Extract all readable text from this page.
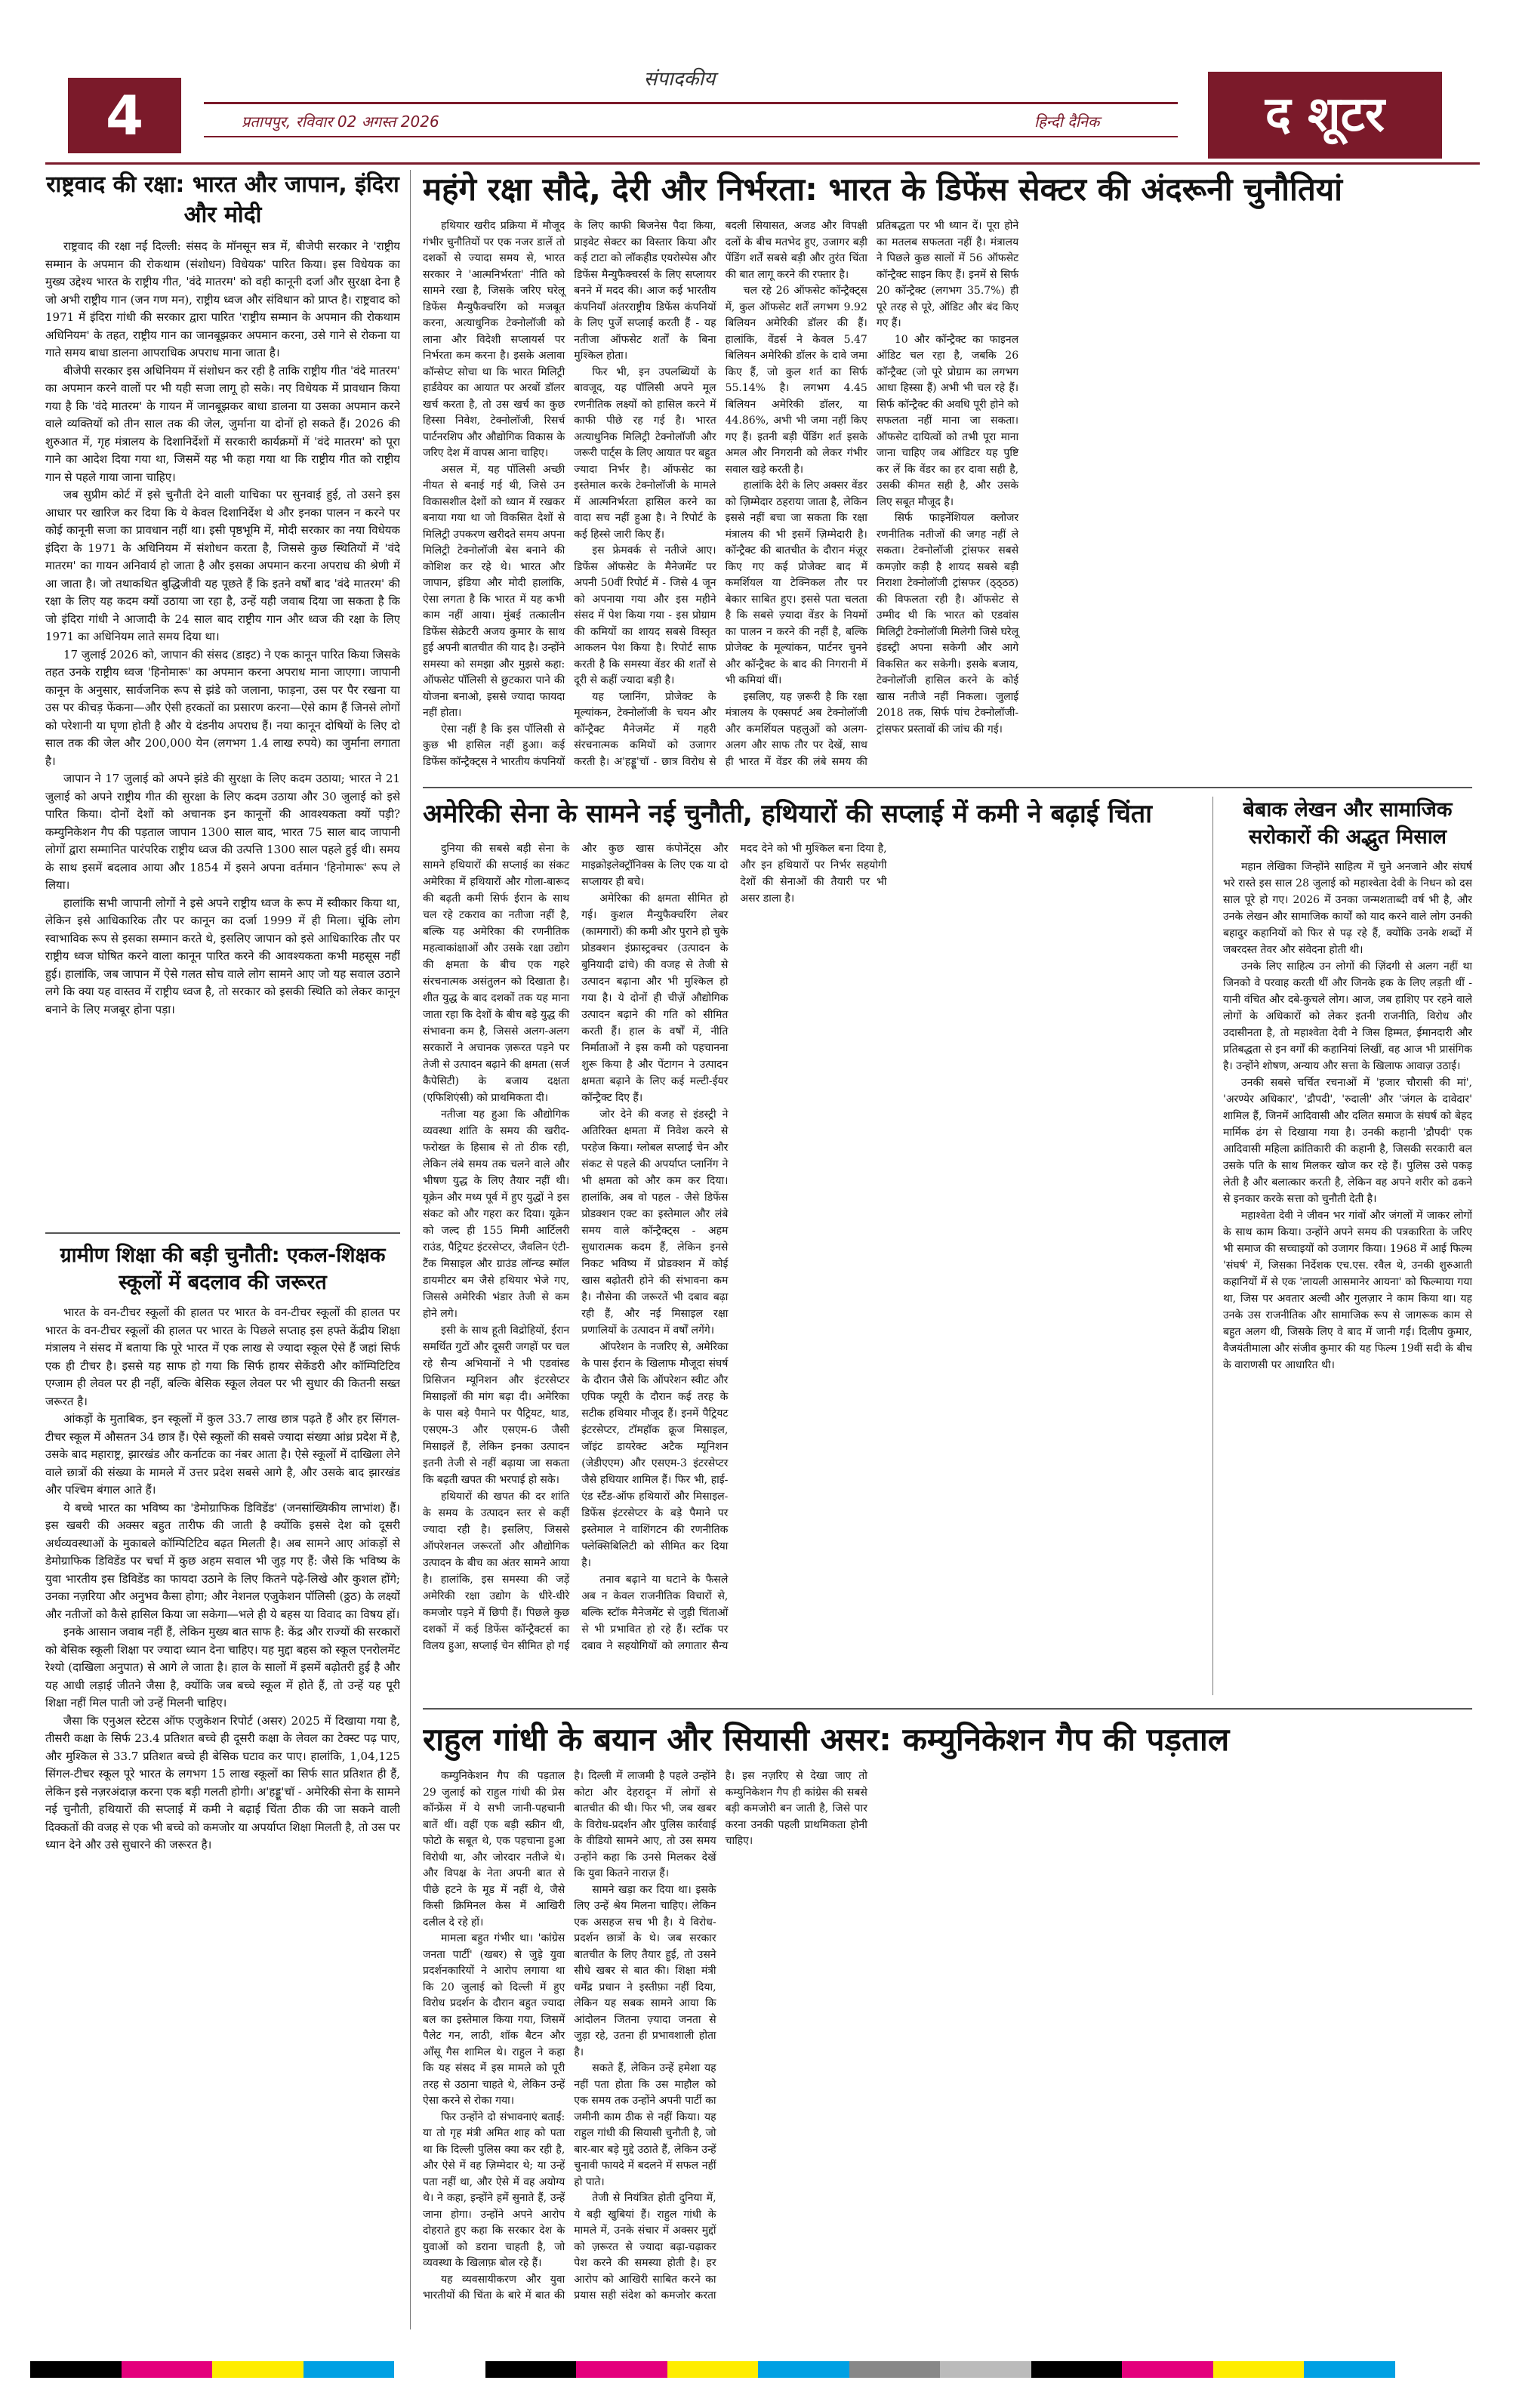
4
संपादकीय
प्रतापपुर, रविवार 02 अगस्त 2026	हिन्दी दैनिक	द शूटर
राष्ट्रवाद की रक्षा: भारत और जापान, इंदिरा और मोदी

राष्ट्रवाद की रक्षा नई दिल्ली: संसद के मॉनसून सत्र में, बीजेपी सरकार ने 'राष्ट्रीय सम्मान के अपमान की रोकथाम (संशोधन) विधेयक' पारित किया। इस विधेयक का मुख्य उद्देश्य भारत के राष्ट्रीय गीत, 'वंदे मातरम' को वही कानूनी दर्जा और सुरक्षा देना है जो अभी राष्ट्रीय गान (जन गण मन), राष्ट्रीय ध्वज और संविधान को प्राप्त है। राष्ट्रवाद को 1971 में इंदिरा गांधी की सरकार द्वारा पारित 'राष्ट्रीय सम्मान के अपमान की रोकथाम अधिनियम' के तहत, राष्ट्रीय गान का जानबूझकर अपमान करना, उसे गाने से रोकना या गाते समय बाधा डालना आपराधिक अपराध माना जाता है।

बीजेपी सरकार इस अधिनियम में संशोधन कर रही है ताकि राष्ट्रीय गीत 'वंदे मातरम' का अपमान करने वालों पर भी यही सजा लागू हो सके। नए विधेयक में प्रावधान किया गया है कि 'वंदे मातरम' के गायन में जानबूझकर बाधा डालना या उसका अपमान करने वाले व्यक्तियों को तीन साल तक की जेल, जुर्माना या दोनों हो सकते हैं। 2026 की शुरुआत में, गृह मंत्रालय के दिशानिर्देशों में सरकारी कार्यक्रमों में 'वंदे मातरम' को पूरा गाने का आदेश दिया गया था, जिसमें यह भी कहा गया था कि राष्ट्रीय गीत को राष्ट्रीय गान से पहले गाया जाना चाहिए।

जब सुप्रीम कोर्ट में इसे चुनौती देने वाली याचिका पर सुनवाई हुई, तो उसने इस आधार पर खारिज कर दिया कि ये केवल दिशानिर्देश थे और इनका पालन न करने पर कोई कानूनी सजा का प्रावधान नहीं था। इसी पृष्ठभूमि में, मोदी सरकार का नया विधेयक इंदिरा के 1971 के अधिनियम में संशोधन करता है, जिससे कुछ स्थितियों में 'वंदे मातरम' का गायन अनिवार्य हो जाता है और इसका अपमान करना अपराध की श्रेणी में आ जाता है। जो तथाकथित बुद्धिजीवी यह पूछते हैं कि इतने वर्षों बाद 'वंदे मातरम' की रक्षा के लिए यह कदम क्यों उठाया जा रहा है, उन्हें यही जवाब दिया जा सकता है कि जो इंदिरा गांधी ने आजादी के 24 साल बाद राष्ट्रीय गान और ध्वज की रक्षा के लिए 1971 का अधिनियम लाते समय दिया था।

17 जुलाई 2026 को, जापान की संसद (डाइट) ने एक कानून पारित किया जिसके तहत उनके राष्ट्रीय ध्वज 'हिनोमारू' का अपमान करना अपराध माना जाएगा। जापानी कानून के अनुसार, सार्वजनिक रूप से झंडे को जलाना, फाड़ना, उस पर पैर रखना या उस पर कीचड़ फेंकना—और ऐसी हरकतों का प्रसारण करना—ऐसे काम हैं जिनसे लोगों को परेशानी या घृणा होती है और ये दंडनीय अपराध हैं। नया कानून दोषियों के लिए दो साल तक की जेल और 200,000 येन (लगभग 1.4 लाख रुपये) का जुर्माना लगाता है।

जापान ने 17 जुलाई को अपने झंडे की सुरक्षा के लिए कदम उठाया; भारत ने 21 जुलाई को अपने राष्ट्रीय गीत की सुरक्षा के लिए कदम उठाया और 30 जुलाई को इसे पारित किया। दोनों देशों को अचानक इन कानूनों की आवश्यकता क्यों पड़ी? कम्युनिकेशन गैप की पड़ताल जापान 1300 साल बाद, भारत 75 साल बाद जापानी लोगों द्वारा सम्मानित पारंपरिक राष्ट्रीय ध्वज की उत्पत्ति 1300 साल पहले हुई थी। समय के साथ इसमें बदलाव आया और 1854 में इसने अपना वर्तमान 'हिनोमारू' रूप ले लिया।

हालांकि सभी जापानी लोगों ने इसे अपने राष्ट्रीय ध्वज के रूप में स्वीकार किया था, लेकिन इसे आधिकारिक तौर पर कानून का दर्जा 1999 में ही मिला। चूंकि लोग स्वाभाविक रूप से इसका सम्मान करते थे, इसलिए जापान को इसे आधिकारिक तौर पर राष्ट्रीय ध्वज घोषित करने वाला कानून पारित करने की आवश्यकता कभी महसूस नहीं हुई। हालांकि, जब जापान में ऐसे गलत सोच वाले लोग सामने आए जो यह सवाल उठाने लगे कि क्या यह वास्तव में राष्ट्रीय ध्वज है, तो सरकार को इसकी स्थिति को लेकर कानून बनाने के लिए मजबूर होना पड़ा।

ग्रामीण शिक्षा की बड़ी चुनौती: एकल-शिक्षक स्कूलों में बदलाव की जरूरत

भारत के वन-टीचर स्कूलों की हालत पर भारत के वन-टीचर स्कूलों की हालत पर भारत के वन-टीचर स्कूलों की हालत पर भारत के पिछले सप्ताह इस हफ्ते केंद्रीय शिक्षा मंत्रालय ने संसद में बताया कि पूरे भारत में एक लाख से ज्यादा स्कूल ऐसे हैं जहां सिर्फ एक ही टीचर है। इससे यह साफ हो गया कि सिर्फ हायर सेकेंडरी और कॉम्पिटिटिव एग्जाम ही लेवल पर ही नहीं, बल्कि बेसिक स्कूल लेवल पर भी सुधार की कितनी सख्त जरूरत है।

आंकड़ों के मुताबिक, इन स्कूलों में कुल 33.7 लाख छात्र पढ़ते हैं और हर सिंगल-टीचर स्कूल में औसतन 34 छात्र हैं। ऐसे स्कूलों की सबसे ज्यादा संख्या आंध्र प्रदेश में है, उसके बाद महाराष्ट्र, झारखंड और कर्नाटक का नंबर आता है। ऐसे स्कूलों में दाखिला लेने वाले छात्रों की संख्या के मामले में उत्तर प्रदेश सबसे आगे है, और उसके बाद झारखंड और पश्चिम बंगाल आते हैं।

ये बच्चे भारत का भविष्य का 'डेमोग्राफिक डिविडेंड' (जनसांख्यिकीय लाभांश) हैं। इस खबरी की अक्सर बहुत तारीफ की जाती है क्योंकि इससे देश को दूसरी अर्थव्यवस्थाओं के मुकाबले कॉम्पिटिटिव बढ़त मिलती है। अब सामने आए आंकड़ों से डेमोग्राफिक डिविडेंड पर चर्चा में कुछ अहम सवाल भी जुड़ गए हैं: जैसे कि भविष्य के युवा भारतीय इस डिविडेंड का फायदा उठाने के लिए कितने पढ़े-लिखे और कुशल होंगे; उनका नज़रिया और अनुभव कैसा होगा; और नेशनल एजुकेशन पॉलिसी (ठ्ठठ) के लक्ष्यों और नतीजों को कैसे हासिल किया जा सकेगा—भले ही ये बहस या विवाद का विषय हों।

इनके आसान जवाब नहीं हैं, लेकिन मुख्य बात साफ है: केंद्र और राज्यों की सरकारों को बेसिक स्कूली शिक्षा पर ज्यादा ध्यान देना चाहिए। यह मुद्दा बहस को स्कूल एनरोलमेंट रेश्यो (दाखिला अनुपात) से आगे ले जाता है। हाल के सालों में इसमें बढ़ोतरी हुई है और यह आधी लड़ाई जीतने जैसा है, क्योंकि जब बच्चे स्कूल में होते हैं, तो उन्हें यह पूरी शिक्षा नहीं मिल पाती जो उन्हें मिलनी चाहिए।

जैसा कि एनुअल स्टेटस ऑफ एजुकेशन रिपोर्ट (असर) 2025 में दिखाया गया है, तीसरी कक्षा के सिर्फ 23.4 प्रतिशत बच्चे ही दूसरी कक्षा के लेवल का टेक्स्ट पढ़ पाए, और मुश्किल से 33.7 प्रतिशत बच्चे ही बेसिक घटाव कर पाए। हालांकि, 1,04,125 सिंगल-टीचर स्कूल पूरे भारत के लगभग 15 लाख स्कूलों का सिर्फ सात प्रतिशत ही हैं, लेकिन इसे नज़रअंदाज़ करना एक बड़ी गलती होगी। अ'हड्डू'चॉ - अमेरिकी सेना के सामने नई चुनौती, हथियारों की सप्लाई में कमी ने बढ़ाई चिंता ठीक की जा सकने वाली दिक्कतों की वजह से एक भी बच्चे को कमजोर या अपर्याप्त शिक्षा मिलती है, तो उस पर ध्यान देने और उसे सुधारने की जरूरत है।

महंगे रक्षा सौदे, देरी और निर्भरता: भारत के डिफेंस सेक्टर की अंदरूनी चुनौतियां

हथियार खरीद प्रक्रिया में मौजूद गंभीर चुनौतियों पर एक नजर डालें तो दशकों से ज्यादा समय से, भारत सरकार ने 'आत्मनिर्भरता' नीति को सामने रखा है, जिसके जरिए घरेलू डिफेंस मैन्युफैक्चरिंग को मजबूत करना, अत्याधुनिक टेक्नोलॉजी को लाना और विदेशी सप्लायर्स पर निर्भरता कम करना है। इसके अलावा कॉन्सेप्ट सोचा था कि भारत मिलिट्री हार्डवेयर का आयात पर अरबों डॉलर खर्च करता है, तो उस खर्च का कुछ हिस्सा निवेश, टेक्नोलॉजी, रिसर्च पार्टनरशिप और औद्योगिक विकास के जरिए देश में वापस आना चाहिए।

असल में, यह पॉलिसी अच्छी नीयत से बनाई गई थी, जिसे उन विकासशील देशों को ध्यान में रखकर बनाया गया था जो विकसित देशों से मिलिट्री उपकरण खरीदते समय अपना मिलिट्री टेक्नोलॉजी बेस बनाने की कोशिश कर रहे थे। भारत और जापान, इंडिया और मोदी हालांकि, ऐसा लगता है कि भारत में यह कभी काम नहीं आया। मुंबई तत्कालीन डिफेंस सेक्रेटरी अजय कुमार के साथ हुई अपनी बातचीत की याद है। उन्होंने समस्या को समझा और मुझसे कहा: ऑफसेट पॉलिसी से छुटकारा पाने की योजना बनाओ, इससे ज्यादा फायदा नहीं होता।

ऐसा नहीं है कि इस पॉलिसी से कुछ भी हासिल नहीं हुआ। कई डिफेंस कॉन्ट्रैक्ट्स ने भारतीय कंपनियों के लिए काफी बिजनेस पैदा किया, प्राइवेट सेक्टर का विस्तार किया और कई टाटा को लॉकहीड एयरोस्पेस और डिफेंस मैन्युफैक्चरर्स के लिए सप्लायर बनने में मदद की। आज कई भारतीय कंपनियाँ अंतरराष्ट्रीय डिफेंस कंपनियों के लिए पुर्जे सप्लाई करती हैं - यह नतीजा ऑफसेट शर्तों के बिना मुश्किल होता।

फिर भी, इन उपलब्धियों के बावजूद, यह पॉलिसी अपने मूल रणनीतिक लक्ष्यों को हासिल करने में काफी पीछे रह गई है। भारत अत्याधुनिक मिलिट्री टेक्नोलॉजी और जरूरी पार्ट्स के लिए आयात पर बहुत ज्यादा निर्भर है। ऑफसेट का इस्तेमाल करके टेक्नोलॉजी के मामले में आत्मनिर्भरता हासिल करने का वादा सच नहीं हुआ है। ने रिपोर्ट के कई हिस्से जारी किए हैं।

इस फ्रेमवर्क से नतीजे आए। डिफेंस ऑफसेट के मैनेजमेंट पर अपनी 50वीं रिपोर्ट में - जिसे 4 जून को अपनाया गया और इस महीने संसद में पेश किया गया - इस प्रोग्राम की कमियों का शायद सबसे विस्तृत आकलन पेश किया है। रिपोर्ट साफ करती है कि समस्या वेंडर की शर्तों से दूरी से कहीं ज्यादा बड़ी है।

यह प्लानिंग, प्रोजेक्ट के मूल्यांकन, टेक्नोलॉजी के चयन और कॉन्ट्रैक्ट मैनेजमेंट में गहरी संरचनात्मक कमियों को उजागर करती है। अ'हड्डू'चॉ - छात्र विरोध से बदली सियासत, अजड और विपक्षी दलों के बीच मतभेद हुए, उजागर बड़ी पेंडिंग शर्तें सबसे बड़ी और तुरंत चिंता की बात लागू करने की रफ्तार है।

चल रहे 26 ऑफसेट कॉन्ट्रैक्ट्स में, कुल ऑफसेट शर्तें लगभग 9.92 बिलियन अमेरिकी डॉलर की हैं। हालांकि, वेंडर्स ने केवल 5.47 बिलियन अमेरिकी डॉलर के दावे जमा किए हैं, जो कुल शर्त का सिर्फ 55.14% है। लगभग 4.45 बिलियन अमेरिकी डॉलर, या 44.86%, अभी भी जमा नहीं किए गए हैं। इतनी बड़ी पेंडिंग शर्त इसके अमल और निगरानी को लेकर गंभीर सवाल खड़े करती है।

हालांकि देरी के लिए अक्सर वेंडर को ज़िम्मेदार ठहराया जाता है, लेकिन इससे नहीं बचा जा सकता कि रक्षा मंत्रालय की भी इसमें ज़िम्मेदारी है। कॉन्ट्रैक्ट की बातचीत के दौरान मंज़ूर किए गए कई प्रोजेक्ट बाद में कमर्शियल या टेक्निकल तौर पर बेकार साबित हुए। इससे पता चलता है कि सबसे ज़्यादा वेंडर के नियमों का पालन न करने की नहीं है, बल्कि प्रोजेक्ट के मूल्यांकन, पार्टनर चुनने और कॉन्ट्रैक्ट के बाद की निगरानी में भी कमियां थीं।

इसलिए, यह ज़रूरी है कि रक्षा मंत्रालय के एक्सपर्ट अब टेक्नोलॉजी और कमर्शियल पहलुओं को अलग-अलग और साफ तौर पर देखें, साथ ही भारत में वेंडर की लंबे समय की प्रतिबद्धता पर भी ध्यान दें। पूरा होने का मतलब सफलता नहीं है। मंत्रालय ने पिछले कुछ सालों में 56 ऑफसेट कॉन्ट्रैक्ट साइन किए हैं। इनमें से सिर्फ 20 कॉन्ट्रैक्ट (लगभग 35.7%) ही पूरे तरह से पूरे, ऑडिट और बंद किए गए हैं।

10 और कॉन्ट्रैक्ट का फाइनल ऑडिट चल रहा है, जबकि 26 कॉन्ट्रैक्ट (जो पूरे प्रोग्राम का लगभग आधा हिस्सा हैं) अभी भी चल रहे हैं। सिर्फ कॉन्ट्रैक्ट की अवधि पूरी होने को सफलता नहीं माना जा सकता। ऑफसेट दायित्वों को तभी पूरा माना जाना चाहिए जब ऑडिटर यह पुष्टि कर लें कि वेंडर का हर दावा सही है, उसकी कीमत सही है, और उसके लिए सबूत मौजूद है।

सिर्फ फाइनेंशियल क्लोजर रणनीतिक नतीजों की जगह नहीं ले सकता। टेक्नोलॉजी ट्रांसफर सबसे कमज़ोर कड़ी है शायद सबसे बड़ी निराशा टेक्नोलॉजी ट्रांसफर (ठ्ठ्ठठ) की विफलता रही है। ऑफसेट से उम्मीद थी कि भारत को एडवांस मिलिट्री टेक्नोलॉजी मिलेगी जिसे घरेलू इंडस्ट्री अपना सकेगी और आगे विकसित कर सकेगी। इसके बजाय, टेक्नोलॉजी हासिल करने के कोई खास नतीजे नहीं निकला। जुलाई 2018 तक, सिर्फ पांच टेक्नोलॉजी-ट्रांसफर प्रस्तावों की जांच की गई।

अमेरिकी सेना के सामने नई चुनौती, हथियारों की सप्लाई में कमी ने बढ़ाई चिंता

दुनिया की सबसे बड़ी सेना के सामने हथियारों की सप्लाई का संकट अमेरिका में हथियारों और गोला-बारूद की बढ़ती कमी सिर्फ ईरान के साथ चल रहे टकराव का नतीजा नहीं है, बल्कि यह अमेरिका की रणनीतिक महत्वाकांक्षाओं और उसके रक्षा उद्योग की क्षमता के बीच एक गहरे संरचनात्मक असंतुलन को दिखाता है। शीत युद्ध के बाद दशकों तक यह माना जाता रहा कि देशों के बीच बड़े युद्ध की संभावना कम है, जिससे अलग-अलग सरकारों ने अचानक ज़रूरत पड़ने पर तेजी से उत्पादन बढ़ाने की क्षमता (सर्ज कैपेसिटी) के बजाय दक्षता (एफिशिएंसी) को प्राथमिकता दी।

नतीजा यह हुआ कि औद्योगिक व्यवस्था शांति के समय की खरीद-फरोख्त के हिसाब से तो ठीक रही, लेकिन लंबे समय तक चलने वाले और भीषण युद्ध के लिए तैयार नहीं थी। यूक्रेन और मध्य पूर्व में हुए युद्धों ने इस संकट को और गहरा कर दिया। यूक्रेन को जल्द ही 155 मिमी आर्टिलरी राउंड, पैट्रियट इंटरसेप्टर, जैवलिन एंटी-टैंक मिसाइल और ग्राउंड लॉन्च्ड स्मॉल डायमीटर बम जैसे हथियार भेजे गए, जिससे अमेरिकी भंडार तेजी से कम होने लगे।

इसी के साथ हूती विद्रोहियों, ईरान समर्थित गुटों और दूसरी जगहों पर चल रहे सैन्य अभियानों ने भी एडवांस्ड प्रिसिजन म्यूनिशन और इंटरसेप्टर मिसाइलों की मांग बढ़ा दी। अमेरिका के पास बड़े पैमाने पर पैट्रियट, थाड, एसएम-3 और एसएम-6 जैसी मिसाइलें हैं, लेकिन इनका उत्पादन इतनी तेजी से नहीं बढ़ाया जा सकता कि बढ़ती खपत की भरपाई हो सके।

हथियारों की खपत की दर शांति के समय के उत्पादन स्तर से कहीं ज्यादा रही है। इसलिए, जिससे ऑपरेशनल जरूरतों और औद्योगिक उत्पादन के बीच का अंतर सामने आया है। हालांकि, इस समस्या की जड़ें अमेरिकी रक्षा उद्योग के धीरे-धीरे कमजोर पड़ने में छिपी हैं। पिछले कुछ दशकों में कई डिफेंस कॉन्ट्रैक्टर्स का विलय हुआ, सप्लाई चेन सीमित हो गई और कुछ खास कंपोनेंट्स और माइक्रोइलेक्ट्रॉनिक्स के लिए एक या दो सप्लायर ही बचे।

अमेरिका की क्षमता सीमित हो गई। कुशल मैन्युफैक्चरिंग लेबर (कामगारों) की कमी और पुराने हो चुके प्रोडक्शन इंफ्रास्ट्रक्चर (उत्पादन के बुनियादी ढांचे) की वजह से तेजी से उत्पादन बढ़ाना और भी मुश्किल हो गया है। ये दोनों ही चीज़ें औद्योगिक उत्पादन बढ़ाने की गति को सीमित करती हैं। हाल के वर्षों में, नीति निर्माताओं ने इस कमी को पहचानना शुरू किया है और पेंटागन ने उत्पादन क्षमता बढ़ाने के लिए कई मल्टी-ईयर कॉन्ट्रैक्ट दिए हैं।

जोर देने की वजह से इंडस्ट्री ने अतिरिक्त क्षमता में निवेश करने से परहेज किया। ग्लोबल सप्लाई चेन और संकट से पहले की अपर्याप्त प्लानिंग ने भी क्षमता को और कम कर दिया। हालांकि, अब वो पहल - जैसे डिफेंस प्रोडक्शन एक्ट का इस्तेमाल और लंबे समय वाले कॉन्ट्रैक्ट्स - अहम सुधारात्मक कदम हैं, लेकिन इनसे निकट भविष्य में प्रोडक्शन में कोई खास बढ़ोतरी होने की संभावना कम है। नौसेना की जरूरतें भी दबाव बढ़ा रही हैं, और नई मिसाइल रक्षा प्रणालियों के उत्पादन में वर्षों लगेंगे।

ऑपरेशन के नजरिए से, अमेरिका के पास ईरान के खिलाफ मौजूदा संघर्ष के दौरान जैसे कि ऑपरेशन स्वीट और एपिक फ्यूरी के दौरान कई तरह के सटीक हथियार मौजूद हैं। इनमें पैट्रियट इंटरसेप्टर, टॉमहॉक क्रूज मिसाइल, जॉइंट डायरेक्ट अटैक म्यूनिशन (जेडीएएम) और एसएम-3 इंटरसेप्टर जैसे हथियार शामिल हैं। फिर भी, हाई-एंड स्टैंड-ऑफ हथियारों और मिसाइल-डिफेंस इंटरसेप्टर के बड़े पैमाने पर इस्तेमाल ने वाशिंगटन की रणनीतिक फ्लेक्सिबिलिटी को सीमित कर दिया है।

तनाव बढ़ाने या घटाने के फैसले अब न केवल राजनीतिक विचारों से, बल्कि स्टॉक मैनेजमेंट से जुड़ी चिंताओं से भी प्रभावित हो रहे हैं। स्टॉक पर दबाव ने सहयोगियों को लगातार सैन्य मदद देने को भी मुश्किल बना दिया है, और इन हथियारों पर निर्भर सहयोगी देशों की सेनाओं की तैयारी पर भी असर डाला है।

बेबाक लेखन और सामाजिक सरोकारों की अद्भुत मिसाल

महान लेखिका जिन्होंने साहित्य में चुने अनजाने और संघर्ष भरे रास्ते इस साल 28 जुलाई को महाश्वेता देवी के निधन को दस साल पूरे हो गए। 2026 में उनका जन्मशताब्दी वर्ष भी है, और उनके लेखन और सामाजिक कार्यों को याद करने वाले लोग उनकी बहादुर कहानियों को फिर से पढ़ रहे हैं, क्योंकि उनके शब्दों में जबरदस्त तेवर और संवेदना होती थी।

उनके लिए साहित्य उन लोगों की ज़िंदगी से अलग नहीं था जिनको वे परवाह करती थीं और जिनके हक के लिए लड़ती थीं - यानी वंचित और दबे-कुचले लोग। आज, जब हाशिए पर रहने वाले लोगों के अधिकारों को लेकर इतनी राजनीति, विरोध और उदासीनता है, तो महाश्वेता देवी ने जिस हिम्मत, ईमानदारी और प्रतिबद्धता से इन वर्गों की कहानियां लिखीं, वह आज भी प्रासंगिक है। उन्होंने शोषण, अन्याय और सत्ता के खिलाफ आवाज़ उठाई।

उनकी सबसे चर्चित रचनाओं में 'हजार चौरासी की मां', 'अरण्येर अधिकार', 'द्रौपदी', 'रुदाली' और 'जंगल के दावेदार' शामिल हैं, जिनमें आदिवासी और दलित समाज के संघर्ष को बेहद मार्मिक ढंग से दिखाया गया है। उनकी कहानी 'द्रौपदी' एक आदिवासी महिला क्रांतिकारी की कहानी है, जिसकी सरकारी बल उसके पति के साथ मिलकर खोज कर रहे हैं। पुलिस उसे पकड़ लेती है और बलात्कार करती है, लेकिन वह अपने शरीर को ढकने से इनकार करके सत्ता को चुनौती देती है।

महाश्वेता देवी ने जीवन भर गांवों और जंगलों में जाकर लोगों के साथ काम किया। उन्होंने अपने समय की पत्रकारिता के जरिए भी समाज की सच्चाइयों को उजागर किया। 1968 में आई फिल्म 'संघर्ष' में, जिसका निर्देशक एच.एस. रवैल थे, उनकी शुरुआती कहानियों में से एक 'लायली आसमानेर आयना' को फिल्माया गया था, जिस पर अवतार अल्वी और गुलज़ार ने काम किया था। यह उनके उस राजनीतिक और सामाजिक रूप से जागरूक काम से बहुत अलग थी, जिसके लिए वे बाद में जानी गईं। दिलीप कुमार, वैजयंतीमाला और संजीव कुमार की यह फिल्म 19वीं सदी के बीच के वाराणसी पर आधारित थी।

राहुल गांधी के बयान और सियासी असर: कम्युनिकेशन गैप की पड़ताल

कम्युनिकेशन गैप की पड़ताल 29 जुलाई को राहुल गांधी की प्रेस कॉन्फ्रेंस में ये सभी जानी-पहचानी बातें थीं। वहीं एक बड़ी स्क्रीन थी, फोटो के सबूत थे, एक पहचाना हुआ विरोधी था, और जोरदार नतीजे थे। और विपक्ष के नेता अपनी बात से पीछे हटने के मूड में नहीं थे, जैसे किसी क्रिमिनल केस में आखिरी दलील दे रहे हों।

मामला बहुत गंभीर था। 'कांग्रेस जनता पार्टी' (खबर) से जुड़े युवा प्रदर्शनकारियों ने आरोप लगाया था कि 20 जुलाई को दिल्ली में हुए विरोध प्रदर्शन के दौरान बहुत ज्यादा बल का इस्तेमाल किया गया, जिसमें पैलेट गन, लाठी, शॉक बैटन और ऑंसू गैस शामिल थे। राहुल ने कहा कि यह संसद में इस मामले को पूरी तरह से उठाना चाहते थे, लेकिन उन्हें ऐसा करने से रोका गया।

फिर उन्होंने दो संभावनाएं बताईं: या तो गृह मंत्री अमित शाह को पता था कि दिल्ली पुलिस क्या कर रही है, और ऐसे में वह ज़िम्मेदार थे; या उन्हें पता नहीं था, और ऐसे में वह अयोग्य थे। ने कहा, इन्होंने हमें सुनाते हैं, उन्हें जाना होगा। उन्होंने अपने आरोप दोहराते हुए कहा कि सरकार देश के युवाओं को डराना चाहती है, जो व्यवस्था के खिलाफ़ बोल रहे हैं।

यह व्यवसायीकरण और युवा भारतीयों की चिंता के बारे में बात की है। दिल्ली में लाजमी है पहले उन्होंने कोटा और देहरादून में लोगों से बातचीत की थी। फिर भी, जब खबर के विरोध-प्रदर्शन और पुलिस कार्रवाई के वीडियो सामने आए, तो उस समय उन्होंने कहा कि उनसे मिलकर देखें कि युवा कितने नाराज़ हैं।

सामने खड़ा कर दिया था। इसके लिए उन्हें श्रेय मिलना चाहिए। लेकिन एक असहज सच भी है। ये विरोध-प्रदर्शन छात्रों के थे। जब सरकार बातचीत के लिए तैयार हुई, तो उसने सीधे खबर से बात की। शिक्षा मंत्री धर्मेंद्र प्रधान ने इस्तीफ़ा नहीं दिया, लेकिन यह सबक सामने आया कि आंदोलन जितना ज़्यादा जनता से जुड़ा रहे, उतना ही प्रभावशाली होता है।

सकते हैं, लेकिन उन्हें हमेशा यह नहीं पता होता कि उस माहौल को एक समय तक उन्होंने अपनी पार्टी का जमीनी काम ठीक से नहीं किया। यह राहुल गांधी की सियासी चुनौती है, जो बार-बार बड़े मुद्दे उठाते हैं, लेकिन उन्हें चुनावी फायदे में बदलने में सफल नहीं हो पाते।

तेजी से नियंत्रित होती दुनिया में, ये बड़ी खुबियां हैं। राहुल गांधी के मामले में, उनके संचार में अक्सर मुद्दों को ज़रूरत से ज्यादा बढ़ा-चढ़ाकर पेश करने की समस्या होती है। हर आरोप को आखिरी साबित करने का प्रयास सही संदेश को कमजोर करता है। इस नज़रिए से देखा जाए तो कम्युनिकेशन गैप ही कांग्रेस की सबसे बड़ी कमजोरी बन जाती है, जिसे पार करना उनकी पहली प्राथमिकता होनी चाहिए।
